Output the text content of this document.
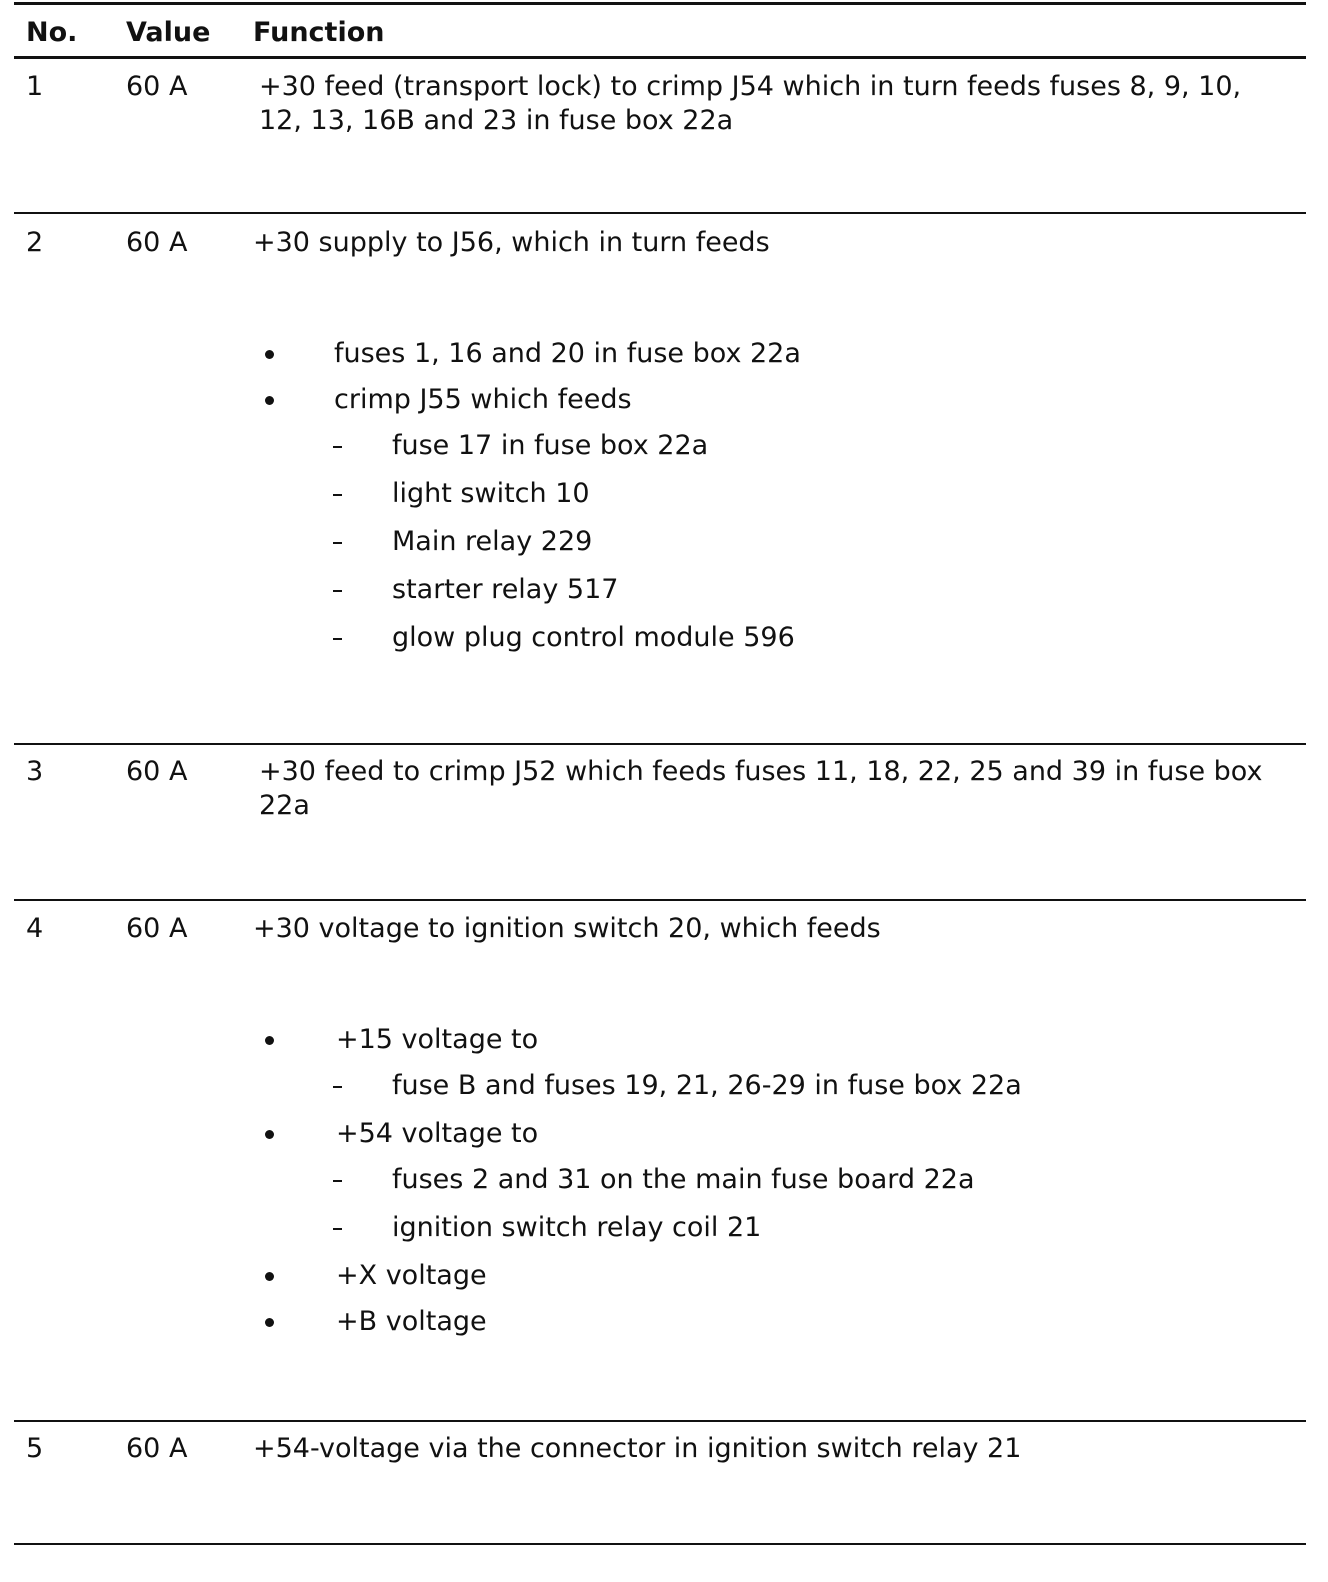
No. Value Function
1	60 A	+30 feed (transport lock) to crimp J54 which in turn feeds fuses 8, 9, 10, 12, 13, 16B and 23 in fuse box 22a
2	60 A +30 supply to J56, which in turn feeds
fuses 1, 16 and 20 in fuse box 22a
crimp J55 which feeds
fuse 17 in fuse box 22a
light switch 10
Main relay 229
starter relay 517
glow plug control module 596
3	60 A	+30 feed to crimp J52 which feeds fuses 11, 18, 22, 25 and 39 in fuse box 22a
4	60 A +30 voltage to ignition switch 20, which feeds
+15 voltage to
fuse B and fuses 19, 21, 26-29 in fuse box 22a
+54 voltage to
fuses 2 and 31 on the main fuse board 22a
ignition switch relay coil 21
+X voltage
+B voltage
5	60 A +54-voltage via the connector in ignition switch relay 21
